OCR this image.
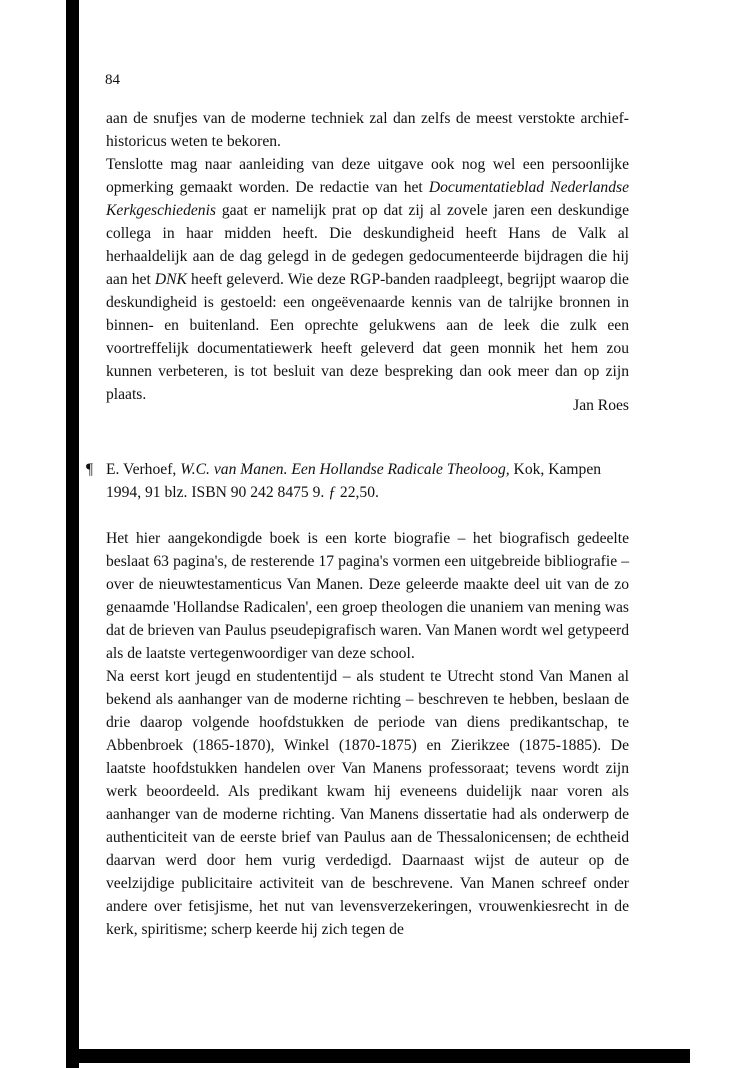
84

aan de snufjes van de moderne techniek zal dan zelfs de meest verstokte archief-historicus weten te bekoren.

Tenslotte mag naar aanleiding van deze uitgave ook nog wel een persoonlijke opmerking gemaakt worden. De redactie van het Documentatieblad Nederlandse Kerkgeschiedenis gaat er namelijk prat op dat zij al zovele jaren een deskundige collega in haar midden heeft. Die deskundigheid heeft Hans de Valk al herhaaldelijk aan de dag gelegd in de gedegen gedocumenteerde bijdragen die hij aan het DNK heeft geleverd. Wie deze RGP-banden raadpleegt, begrijpt waarop die deskundigheid is gestoeld: een ongeëvenaarde kennis van de talrijke bronnen in binnen- en buitenland. Een oprechte gelukwens aan de leek die zulk een voortreffelijk documentatiewerk heeft geleverd dat geen monnik het hem zou kunnen verbeteren, is tot besluit van deze bespreking dan ook meer dan op zijn plaats.

Jan Roes
¶ E. Verhoef, W.C. van Manen. Een Hollandse Radicale Theoloog, Kok, Kampen
1994, 91 blz. ISBN 90 242 8475 9. ƒ 22,50.

Het hier aangekondigde boek is een korte biografie – het biografisch gedeelte beslaat 63 pagina's, de resterende 17 pagina's vormen een uitgebreide bibliografie – over de nieuwtestamenticus Van Manen. Deze geleerde maakte deel uit van de zo genaamde 'Hollandse Radicalen', een groep theologen die unaniem van mening was dat de brieven van Paulus pseudepigrafisch waren. Van Manen wordt wel getypeerd als de laatste vertegenwoordiger van deze school.

Na eerst kort jeugd en studententijd – als student te Utrecht stond Van Manen al bekend als aanhanger van de moderne richting – beschreven te hebben, beslaan de drie daarop volgende hoofdstukken de periode van diens predikantschap, te Abbenbroek (1865-1870), Winkel (1870-1875) en Zierikzee (1875-1885). De laatste hoofdstukken handelen over Van Manens professoraat; tevens wordt zijn werk beoordeeld. Als predikant kwam hij eveneens duidelijk naar voren als aanhanger van de moderne richting. Van Manens dissertatie had als onderwerp de authenticiteit van de eerste brief van Paulus aan de Thessalonicensen; de echtheid daarvan werd door hem vurig verdedigd. Daarnaast wijst de auteur op de veelzijdige publicitaire activiteit van de beschrevene. Van Manen schreef onder andere over fetisjisme, het nut van levensverzekeringen, vrouwenkiesrecht in de kerk, spiritisme; scherp keerde hij zich tegen de
